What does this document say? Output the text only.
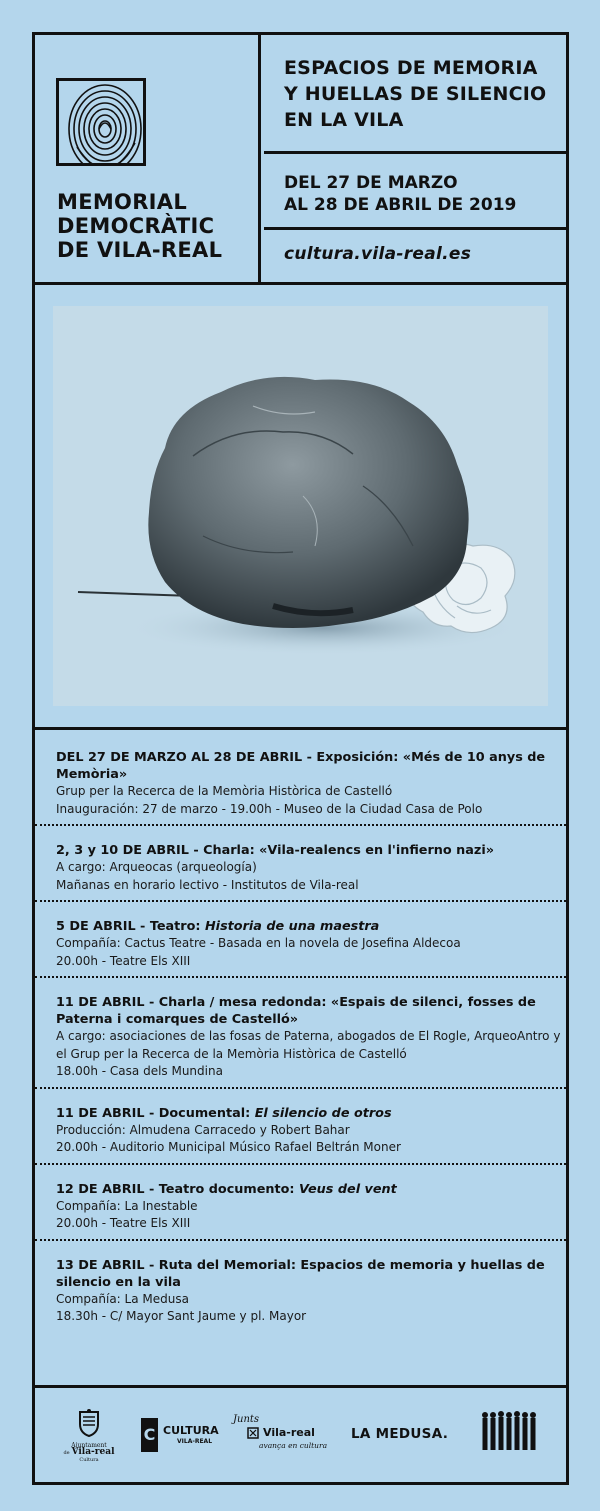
MEMORIAL
DEMOCRÀTIC
DE VILA-REAL
ESPACIOS DE MEMORIA
Y HUELLAS DE SILENCIO
EN LA VILA
DEL 27 DE MARZO
AL 28 DE ABRIL DE 2019
cultura.vila-real.es
DEL 27 DE MARZO AL 28 DE ABRIL - Exposición: «Més de 10 anys de Memòria»

Grup per la Recerca de la Memòria Històrica de Castelló

Inauguración: 27 de marzo - 19.00h - Museo de la Ciudad Casa de Polo

2, 3 y 10 DE ABRIL - Charla: «Vila-realencs en l'infierno nazi»

A cargo: Arqueocas (arqueología)

Mañanas en horario lectivo - Institutos de Vila-real

5 DE ABRIL - Teatro: Historia de una maestra

Compañía: Cactus Teatre - Basada en la novela de Josefina Aldecoa

20.00h - Teatre Els XIII

11 DE ABRIL - Charla / mesa redonda: «Espais de silenci, fosses de Paterna i comarques de Castelló»

A cargo: asociaciones de las fosas de Paterna, abogados de El Rogle, ArqueoAntro y el Grup per la Recerca de la Memòria Històrica de Castelló

18.00h - Casa dels Mundina

11 DE ABRIL - Documental: El silencio de otros

Producción: Almudena Carracedo y Robert Bahar

20.00h - Auditorio Municipal Músico Rafael Beltrán Moner

12 DE ABRIL - Teatro documento: Veus del vent

Compañía: La Inestable

20.00h - Teatre Els XIII

13 DE ABRIL - Ruta del Memorial: Espacios de memoria y huellas de silencio en la vila

Compañía: La Medusa

18.30h - C/ Mayor Sant Jaume y pl. Mayor

Ajuntament
de Vila-real
Cultura
C CULTURA
VILA-REAL
Junts
Vila-real
avança en cultura
LA MEDUSA.
